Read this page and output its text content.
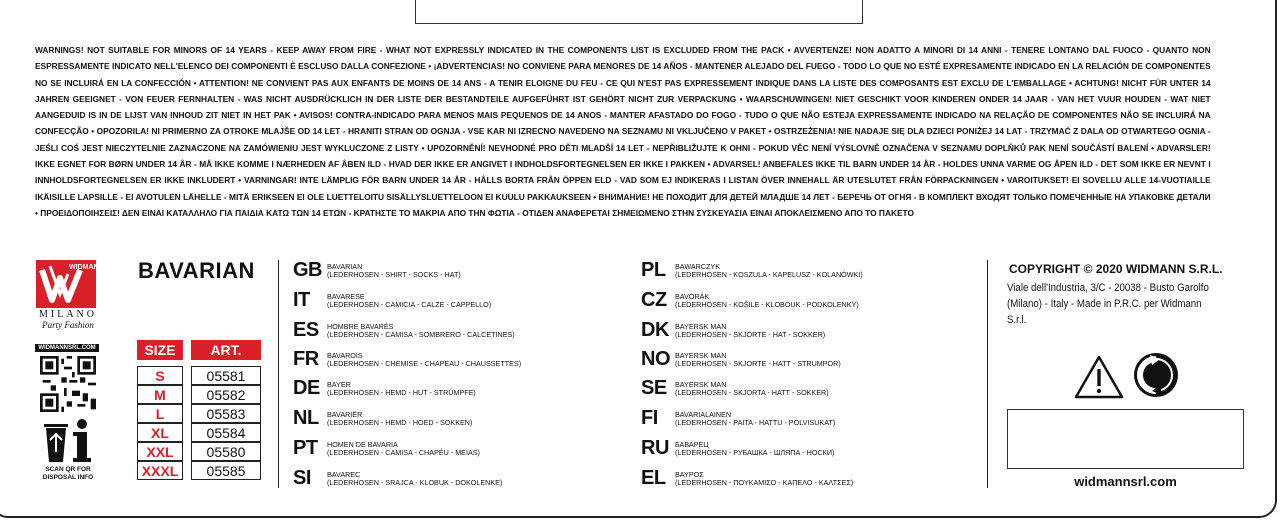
WARNINGS! NOT SUITABLE FOR MINORS OF 14 YEARS - KEEP AWAY FROM FIRE - WHAT NOT EXPRESSLY INDICATED IN THE COMPONENTS LIST IS EXCLUDED FROM THE PACK • AVVERTENZE! NON ADATTO A MINORI DI 14 ANNI - TENERE LONTANO DAL FUOCO - QUANTO NON ESPRESSAMENTE INDICATO NELL'ELENCO DEI COMPONENTI È ESCLUSO DALLA CONFEZIONE • ¡ADVERTENCIAS! NO CONVIENE PARA MENORES DE 14 AÑOS - MANTENER ALEJADO DEL FUEGO - TODO LO QUE NO ESTÉ EXPRESAMENTE INDICADO EN LA RELACIÓN DE COMPONENTES NO SE INCLUIRÁ EN LA CONFECCIÓN • ATTENTION! NE CONVIENT PAS AUX ENFANTS DE MOINS DE 14 ANS - A TENIR ELOIGNE DU FEU - CE QUI N'EST PAS EXPRESSEMENT INDIQUE DANS LA LISTE DES COMPOSANTS EST EXCLU DE L'EMBALLAGE • ACHTUNG! NICHT FÜR UNTER 14 JAHREN GEEIGNET - VON FEUER FERNHALTEN - WAS NICHT AUSDRÜCKLICH IN DER LISTE DER BESTANDTEILE AUFGEFÜHRT IST GEHÖRT NICHT ZUR VERPACKUNG • WAARSCHUWINGEN! NIET GESCHIKT VOOR KINDEREN ONDER 14 JAAR - VAN HET VUUR HOUDEN - WAT NIET AANGEDUID IS IN DE LIJST VAN INHOUD ZIT NIET IN HET PAK • AVISOS! CONTRA-INDICADO PARA MENOS MAIS PEQUENOS DE 14 ANOS - MANTER AFASTADO DO FOGO - TUDO O QUE NÃO ESTEJA EXPRESSAMENTE INDICADO NA RELAÇÃO DE COMPONENTES NÃO SE INCLUIRÁ NA CONFECÇÃO • OPOZORILA! NI PRIMERNO ZA OTROKE MLAJŠE OD 14 LET - HRANITI STRAN OD OGNJA - VSE KAR NI IZRECNO NAVEDENO NA SEZNAMU NI VKLJUČENO V PAKET • OSTRZEŻENIA! NIE NADAJE SIĘ DLA DZIECI PONIŻEJ 14 LAT - TRZYMAĆ Z DALA OD OTWARTEGO OGNIA - JEŚLI COŚ JEST NIECZYTELNIE ZAZNACZONE NA ZAMÓWIENIU JEST WYKLUCZONE Z LISTY • UPOZORNĚNÍ! NEVHODNÉ PRO DĚTI MLADŠÍ 14 LET - NEPŘIBLIŽUJTE K OHNI - POKUD VĚC NENÍ VÝSLOVNĚ OZNAČENA V SEZNAMU DOPLŇKŮ PAK NENÍ SOUČÁSTÍ BALENÍ • ADVARSLER! IKKE EGNET FOR BØRN UNDER 14 ÅR - MÅ IKKE KOMME I NÆRHEDEN AF ÅBEN ILD - HVAD DER IKKE ER ANGIVET I INDHOLDSFORTEGNELSEN ER IKKE I PAKKEN • ADVARSEL! ANBEFALES IKKE TIL BARN UNDER 14 ÅR - HOLDES UNNA VARME OG ÅPEN ILD - DET SOM IKKE ER NEVNT I INNHOLDSFORTEGNELSEN ER IKKE INKLUDERT • VARNINGAR! INTE LÄMPLIG FÖR BARN UNDER 14 ÅR - HÅLLS BORTA FRÅN ÖPPEN ELD - VAD SOM EJ INDIKERAS I LISTAN ÖVER INNEHALL ÄR UTESLUTET FRÅN FÖRPACKNINGEN • VAROITUKSET! EI SOVELLU ALLE 14-VUOTIAILLE IKÄISILLE LAPSILLE - EI AVOTULEN LÄHELLE - MITÄ ERIKSEEN EI OLE LUETTELOITU SISÄLLYSLUETTELOON EI KUULU PAKKAUKSEEN • ВНИМАНИЕ! НЕ ПОХОДИТ ДЛЯ ДЕТЕЙ МЛАДШЕ 14 ЛЕТ - БЕРЕЧЬ ОТ ОГНЯ - В КОМПЛЕКТ ВХОДЯТ ТОЛЬКО ПОМЕЧЕННЫЕ НА УПАКОВКЕ ДЕТАЛИ • ΠΡΟΕΙΔΟΠΟΙΗΣΕΙΣ! ΔΕΝ ΕΙΝΑΙ ΚΑΤΑΛΛΗΛΟ ΓΙΑ ΠΑΙΔΙΑ ΚΑΤΩ ΤΩΝ 14 ΕΤΩΝ - ΚΡΑΤΗΣΤΕ ΤΟ ΜΑΚΡΙΑ ΑΠΟ ΤΗΝ ΦΩΤΙΑ - ΟΤΙΔΕΝ ΑΝΑΦΕΡΕΤΑΙ ΣΗΜΕΙΩΜΕΝΟ ΣΤΗΝ ΣΥΣΚΕΥΑΣΙΑ ΕΙΝΑΙ ΑΠΟΚΛΕΙΣΜΕΝΟ ΑΠΟ ΤΟ ΠΑΚΕΤΟ
WIDMANN
MILANO
Party Fashion
WIDMANNSRL.COM
SCAN QR FOR
DISPOSAL INFO
BAVARIAN
SIZE		ART.

S		05581
M		05582
L		05583
XL		05584
XXL		05580
XXXL		05585
GB BAVARIAN
(LEDERHOSEN - SHIRT - SOCKS - HAT)
IT	BAVARESE
(LEDERHOSEN - CAMICIA - CALZE - CAPPELLO)
ES	HOMBRE BAVARÉS
(LEDERHOSEN - CAMISA - SOMBRERO - CALCETINES)
FR	BAVAROIS
(LEDERHOSEN - CHEMISE - CHAPEAU - CHAUSSETTES)
DE	BAYER
(LEDERHOSEN - HEMD - HUT - STRÜMPFE)
NL	BAVARIËR
(LEDERHOSEN - HEMD - HOED - SOKKEN)
PT	HOMEN DE BAVARIA
(LEDERHOSEN - CAMISA - CHAPÉU - MEIAS)
SI	BAVAREC
(LEDERHOSEN - SRAJCA - KLOBUK - DOKOLENKE)
PL	BAWARCZYK
(LEDERHOSEN - KOSZULA - KAPELUSZ - KOLANÓWKI)
CZ	BAVORÁK
(LEDERHOSEN - KOŠILE - KLOBOUK - PODKOLENKY)
DK BAYERSK MAN
(LEDERHOSEN - SKJORTE - HAT - SOKKER)
NO BAYERSK MAN
(LEDERHOSEN - SKJORTE - HATT - STRUMPOR)
SE	BAYERSK MAN
(LEDERHOSEN - SKJORTA - HATT - SOKKER)
FI	BAVARIALAINEN
(LEDERHOSEN - PAITA - HATTU - POLVISUKAT)
RU БАВАРЕЦ
(LEDERHOSEN - РУБАШКА - ШЛЯПА - НОСКИ)
EL	ΒΑΥΡΟΣ
(LEDERHOSEN - ΠΟΥΚΑΜΙΣΟ - ΚΑΠΕΛΟ - ΚΑΛΤΣΕΣ)
COPYRIGHT © 2020 WIDMANN S.R.L.
Viale dell'Industria, 3/C - 20038 - Busto Garolfo (Milano) - Italy - Made in P.R.C. per Widmann S.r.l.
widmannsrl.com
